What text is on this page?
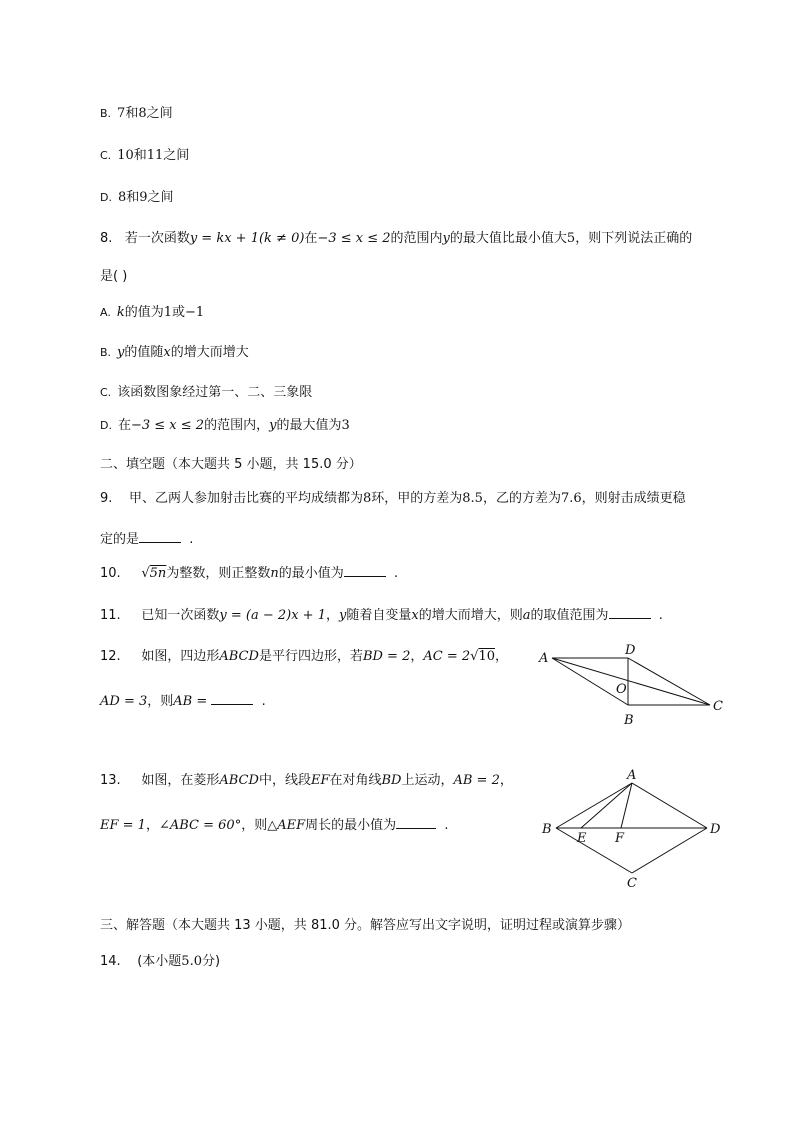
B. 7和8之间
C. 10和11之间
D. 8和9之间
8. 若一次函数y = kx + 1(k ≠ 0)在−3 ≤ x ≤ 2的范围内y的最大值比最小值大5，则下列说法正确的
是( )
A. k的值为1或−1
B. y的值随x的增大而增大
C. 该函数图象经过第一、二、三象限
D. 在−3 ≤ x ≤ 2的范围内，y的最大值为3
二、填空题（本大题共 5 小题，共 15.0 分）
9. 甲、乙两人参加射击比赛的平均成绩都为8环，甲的方差为8.5，乙的方差为7.6，则射击成绩更稳
定的是	.
10. √5n为整数，则正整数n的最小值为	.
11. 已知一次函数y = (a − 2)x + 1，y随着自变量x的增大而增大，则a的取值范围为	.
12. 如图，四边形ABCD是平行四边形，若BD = 2，AC = 2√10，
AD = 3，则AB =	.
A
B
C
D
O
13. 如图，在菱形ABCD中，线段EF在对角线BD上运动，AB = 2，
EF = 1，∠ABC = 60°，则△AEF周长的最小值为	.
A
B
C
D
E F
三、解答题（本大题共 13 小题，共 81.0 分。解答应写出文字说明，证明过程或演算步骤）
14. (本小题5.0分)
